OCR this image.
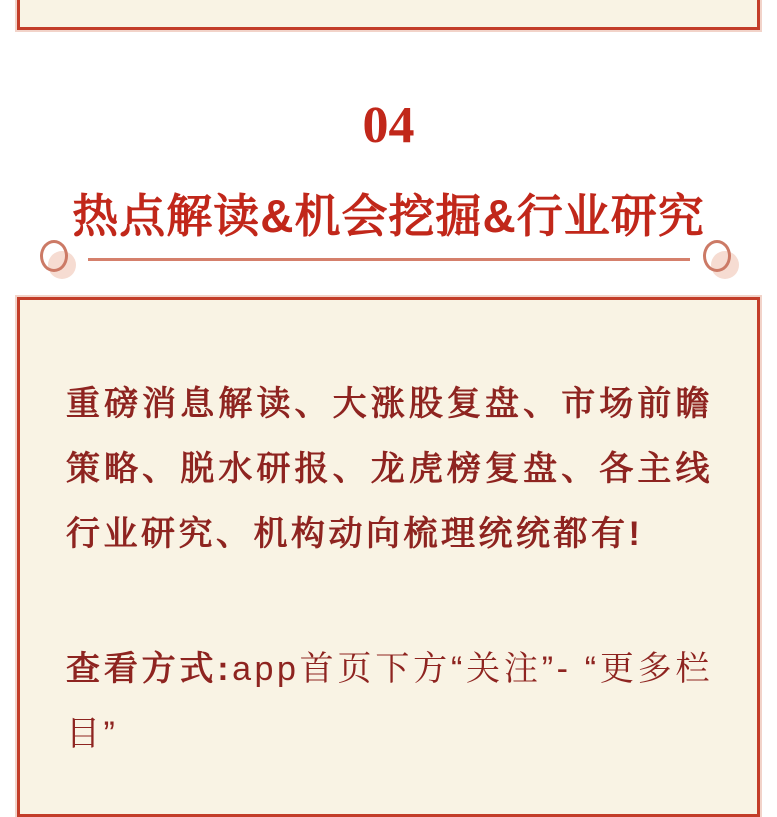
04
热点解读&机会挖掘&行业研究

重磅消息解读、大涨股复盘、市场前瞻策略、脱水研报、龙虎榜复盘、各主线行业研究、机构动向梳理统统都有!

查看方式:app首页下方“关注”- “更多栏目”
